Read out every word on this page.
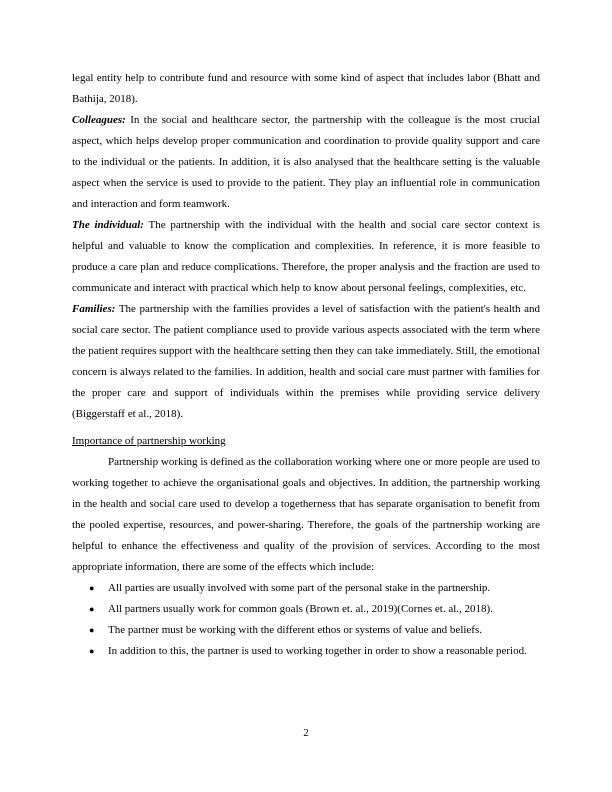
legal entity help to contribute fund and resource with some kind of aspect that includes labor (Bhatt and Bathija, 2018).

Colleagues: In the social and healthcare sector, the partnership with the colleague is the most crucial aspect, which helps develop proper communication and coordination to provide quality support and care to the individual or the patients. In addition, it is also analysed that the healthcare setting is the valuable aspect when the service is used to provide to the patient. They play an influential role in communication and interaction and form teamwork.

The individual: The partnership with the individual with the health and social care sector context is helpful and valuable to know the complication and complexities. In reference, it is more feasible to produce a care plan and reduce complications. Therefore, the proper analysis and the fraction are used to communicate and interact with practical which help to know about personal feelings, complexities, etc.

Families: The partnership with the families provides a level of satisfaction with the patient's health and social care sector. The patient compliance used to provide various aspects associated with the term where the patient requires support with the healthcare setting then they can take immediately. Still, the emotional concern is always related to the families. In addition, health and social care must partner with families for the proper care and support of individuals within the premises while providing service delivery (Biggerstaff et al., 2018).

Importance of partnership working

Partnership working is defined as the collaboration working where one or more people are used to working together to achieve the organisational goals and objectives. In addition, the partnership working in the health and social care used to develop a togetherness that has separate organisation to benefit from the pooled expertise, resources, and power-sharing. Therefore, the goals of the partnership working are helpful to enhance the effectiveness and quality of the provision of services. According to the most appropriate information, there are some of the effects which include:

● All parties are usually involved with some part of the personal stake in the partnership.
● All partners usually work for common goals (Brown et. al., 2019)(Cornes et. al., 2018).
● The partner must be working with the different ethos or systems of value and beliefs.
● In addition to this, the partner is used to working together in order to show a reasonable period.
2
